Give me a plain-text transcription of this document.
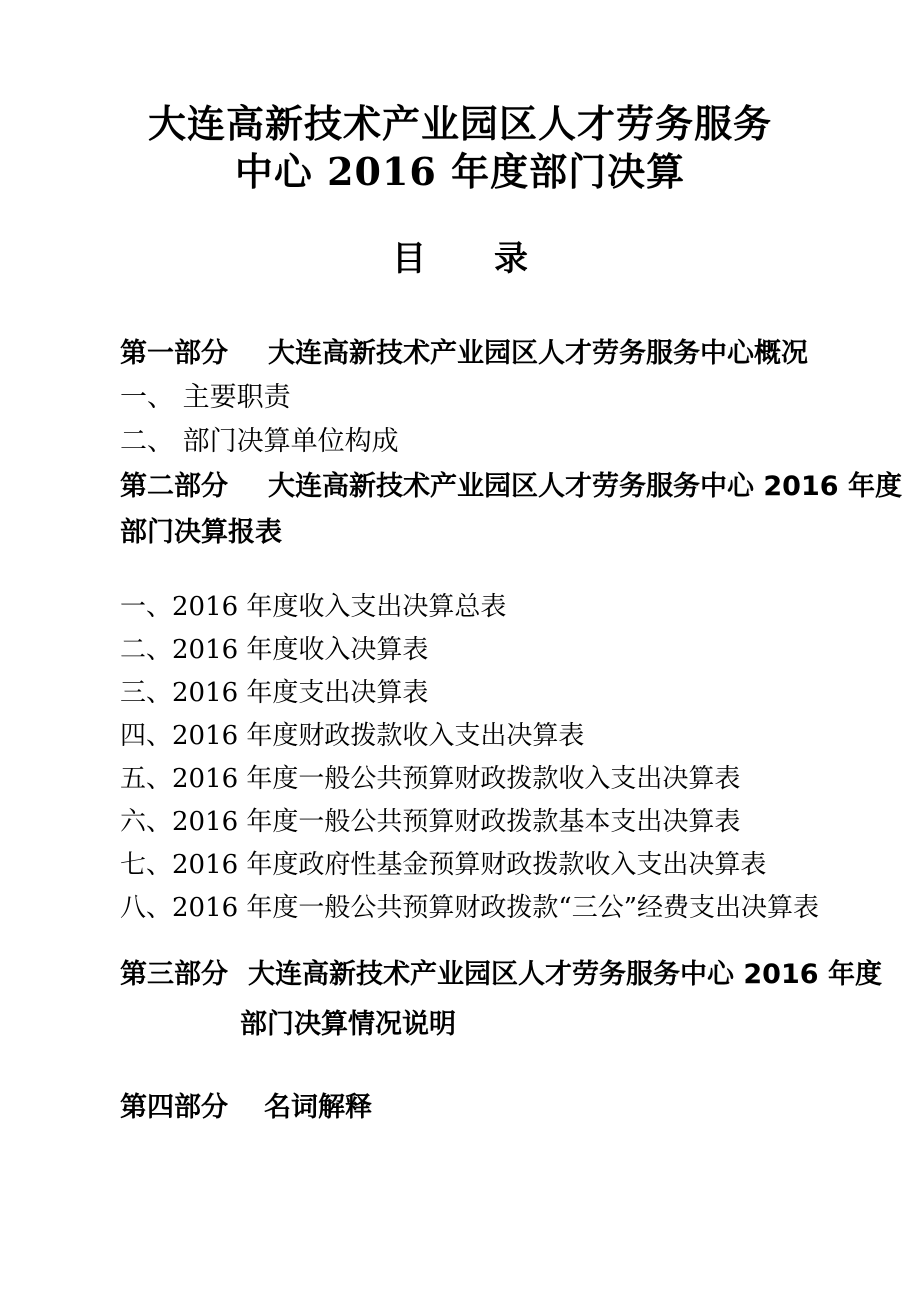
大连高新技术产业园区人才劳务服务
中心 2016 年度部门决算
目　　录
第一部分 大连高新技术产业园区人才劳务服务中心概况
一、 主要职责
二、 部门决算单位构成
第二部分 大连高新技术产业园区人才劳务服务中心 2016 年度
部门决算报表
一、2016 年度收入支出决算总表
二、2016 年度收入决算表
三、2016 年度支出决算表
四、2016 年度财政拨款收入支出决算表
五、2016 年度一般公共预算财政拨款收入支出决算表
六、2016 年度一般公共预算财政拨款基本支出决算表
七、2016 年度政府性基金预算财政拨款收入支出决算表
八、2016 年度一般公共预算财政拨款“三公”经费支出决算表
第三部分 大连高新技术产业园区人才劳务服务中心 2016 年度
部门决算情况说明
第四部分 名词解释
